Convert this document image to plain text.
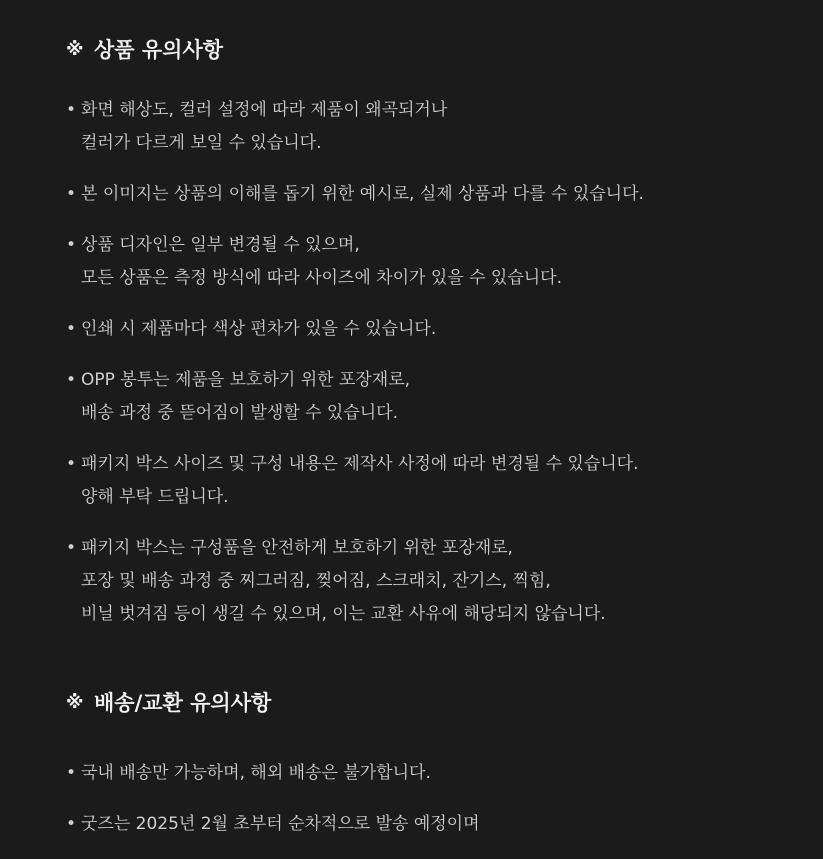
※ 상품 유의사항
• 화면 해상도, 컬러 설정에 따라 제품이 왜곡되거나
컬러가 다르게 보일 수 있습니다.
• 본 이미지는 상품의 이해를 돕기 위한 예시로, 실제 상품과 다를 수 있습니다.
• 상품 디자인은 일부 변경될 수 있으며,
모든 상품은 측정 방식에 따라 사이즈에 차이가 있을 수 있습니다.
• 인쇄 시 제품마다 색상 편차가 있을 수 있습니다.
• OPP 봉투는 제품을 보호하기 위한 포장재로,
배송 과정 중 뜯어짐이 발생할 수 있습니다.
• 패키지 박스 사이즈 및 구성 내용은 제작사 사정에 따라 변경될 수 있습니다.
양해 부탁 드립니다.
• 패키지 박스는 구성품을 안전하게 보호하기 위한 포장재로,
포장 및 배송 과정 중 찌그러짐, 찢어짐, 스크래치, 잔기스, 찍힘,
비닐 벗겨짐 등이 생길 수 있으며, 이는 교환 사유에 해당되지 않습니다.
※ 배송/교환 유의사항
• 국내 배송만 가능하며, 해외 배송은 불가합니다.
• 굿즈는 2025년 2월 초부터 순차적으로 발송 예정이며
